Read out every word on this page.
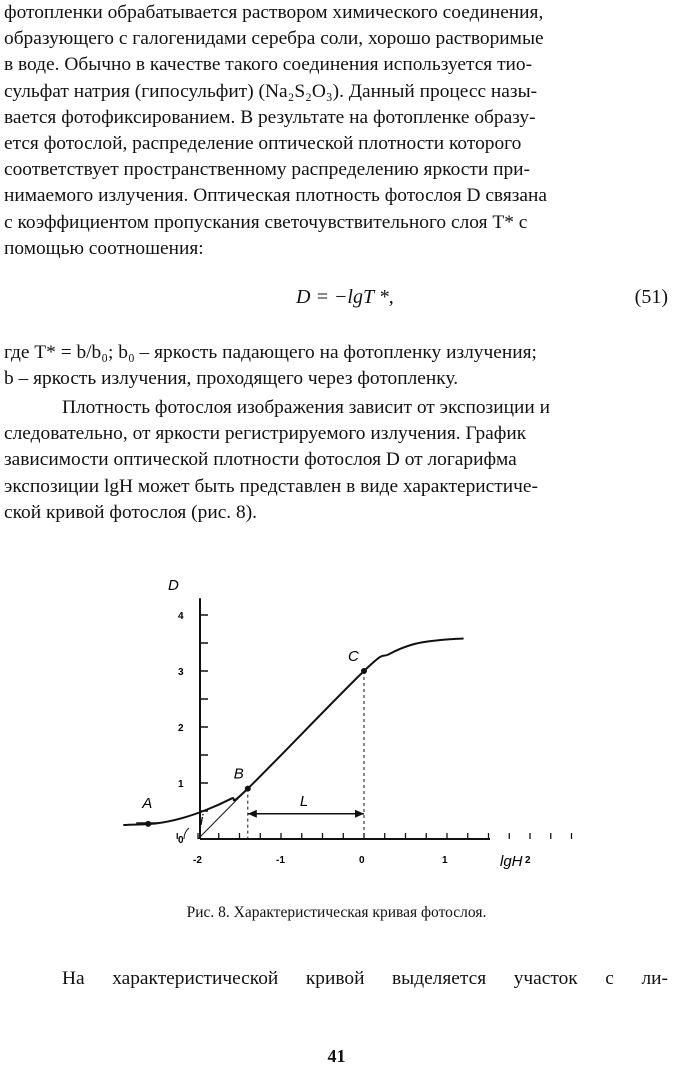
фотопленки обрабатывается раствором химического соединения,
образующего с галогенидами серебра соли, хорошо растворимые
в воде. Обычно в качестве такого соединения используется тио-
сульфат натрия (гипосульфит) (Na₂S₂O₃). Данный процесс назы-
вается фотофиксированием. В результате на фотопленке образу-
ется фотослой, распределение оптической плотности которого
соответствует пространственному распределению яркости при-
нимаемого излучения. Оптическая плотность фотослоя D связана
с коэффициентом пропускания светочувствительного слоя T* с
помощью соотношения:
D = −lgT *,	(51)
где T* = b/b₀; b₀ – яркость падающего на фотопленку излучения;
b – яркость излучения, проходящего через фотопленку.
Плотность фотослоя изображения зависит от экспозиции и
следовательно, от яркости регистрируемого излучения. График
зависимости оптической плотности фотослоя D от логарифма
экспозиции lgH может быть представлен в виде характеристиче-
ской кривой фотослоя (рис. 8).
0
1
2
3
4
-2	-1	0	1	2
A
B
C
lgH
D
L
i
Рис. 8. Характеристическая кривая фотослоя.

На характеристической кривой выделяется участок с ли-

41
